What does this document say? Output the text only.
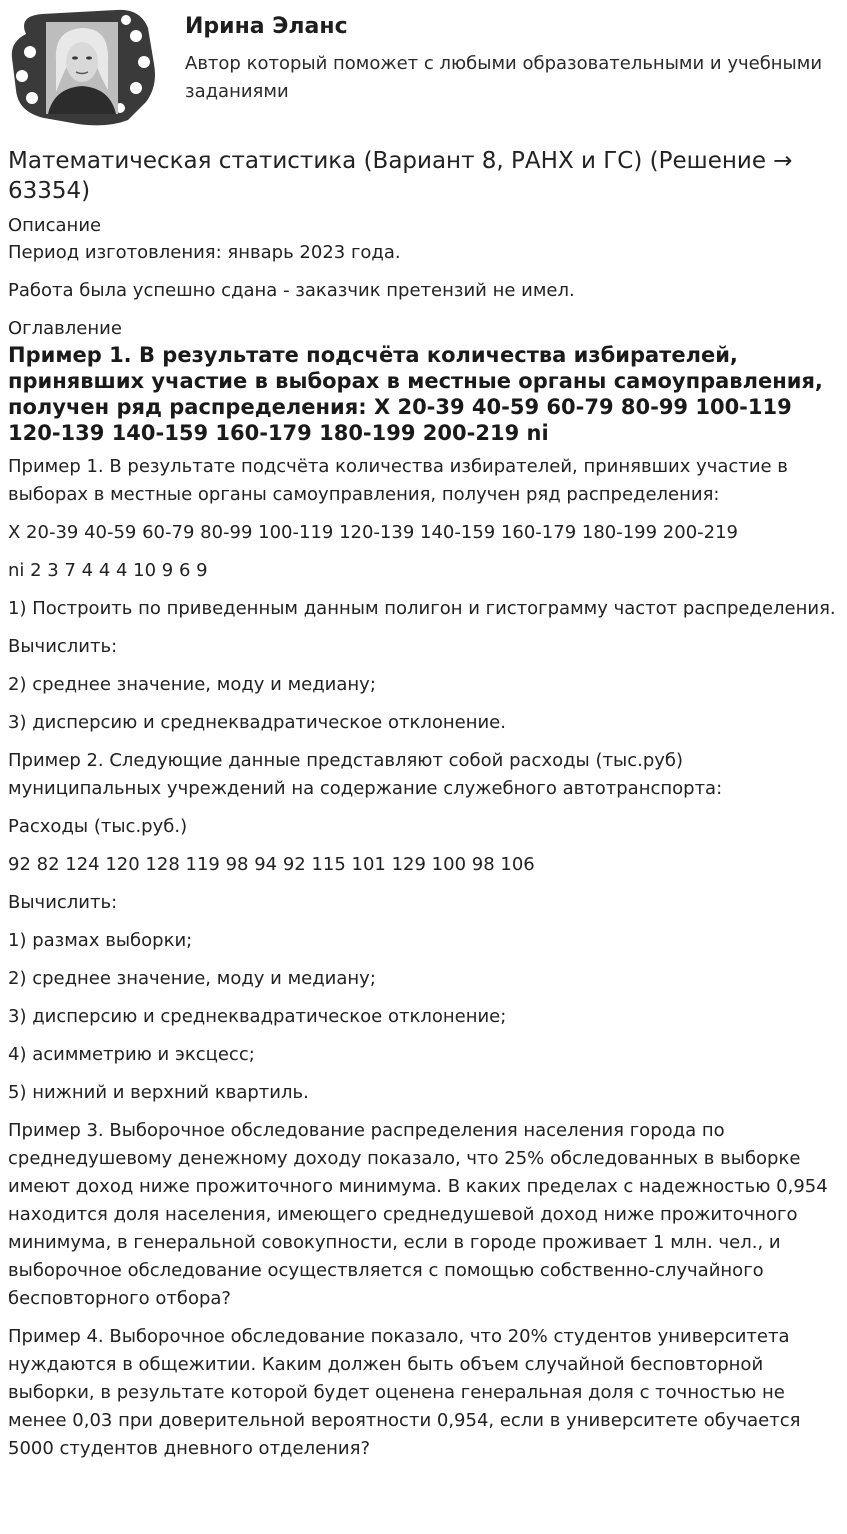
Ирина Эланс
Автор который поможет с любыми образовательными и учебными заданиями
Математическая статистика (Вариант 8, РАНХ и ГС) (Решение → 63354)
Описание

Период изготовления: январь 2023 года.

Работа была успешно сдана - заказчик претензий не имел.

Оглавление
Пример 1. В результате подсчёта количества избирателей, принявших участие в выборах в местные органы самоуправления, получен ряд распределения: X 20-39 40-59 60-79 80-99 100-119 120-139 140-159 160-179 180-199 200-219 ni

Пример 1. В результате подсчёта количества избирателей, принявших участие в выборах в местные органы самоуправления, получен ряд распределения:

X 20-39 40-59 60-79 80-99 100-119 120-139 140-159 160-179 180-199 200-219

ni 2 3 7 4 4 4 10 9 6 9

1) Построить по приведенным данным полигон и гистограмму частот распределения.

Вычислить:

2) среднее значение, моду и медиану;

3) дисперсию и среднеквадратическое отклонение.

Пример 2. Следующие данные представляют собой расходы (тыс.руб) муниципальных учреждений на содержание служебного автотранспорта:

Расходы (тыс.руб.)

92 82 124 120 128 119 98 94 92 115 101 129 100 98 106

Вычислить:

1) размах выборки;

2) среднее значение, моду и медиану;

3) дисперсию и среднеквадратическое отклонение;

4) асимметрию и эксцесс;

5) нижний и верхний квартиль.

Пример 3. Выборочное обследование распределения населения города по среднедушевому денежному доходу показало, что 25% обследованных в выборке имеют доход ниже прожиточного минимума. В каких пределах с надежностью 0,954 находится доля населения, имеющего среднедушевой доход ниже прожиточного минимума, в генеральной совокупности, если в городе проживает 1 млн. чел., и выборочное обследование осуществляется с помощью собственно-случайного бесповторного отбора?

Пример 4. Выборочное обследование показало, что 20% студентов университета нуждаются в общежитии. Каким должен быть объем случайной бесповторной выборки, в результате которой будет оценена генеральная доля с точностью не менее 0,03 при доверительной вероятности 0,954, если в университете обучается 5000 студентов дневного отделения?
